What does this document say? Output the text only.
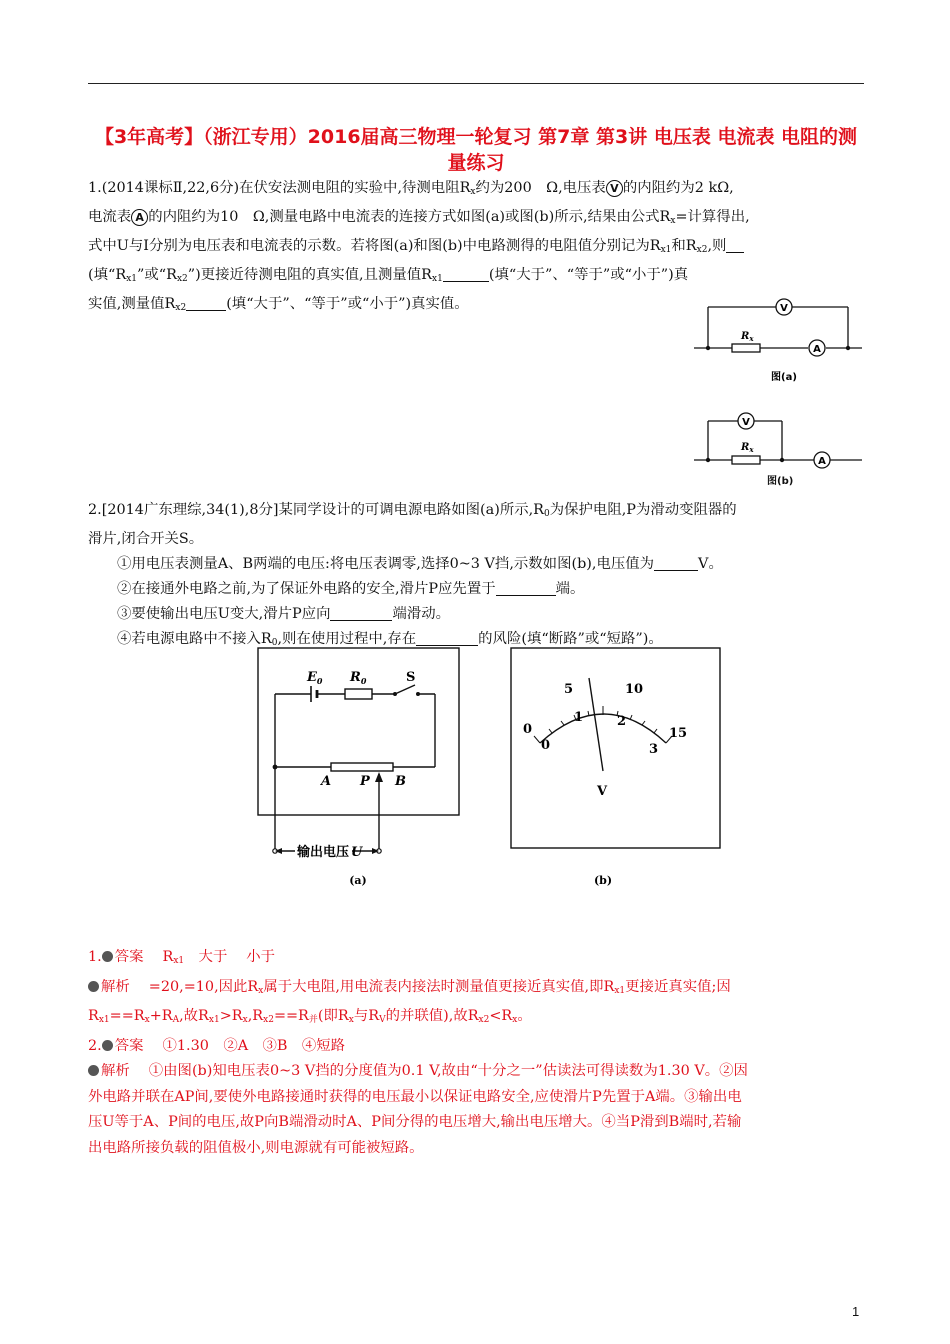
【3年高考】（浙江专用）2016届高三物理一轮复习 第7章 第3讲 电压表 电流表 电阻的测量练习

1.(2014课标Ⅱ,22,6分)在伏安法测电阻的实验中,待测电阻$R_x$约为200　Ω,电压表 V 的内阻约为2 kΩ,

电流表 A 的内阻约为10　Ω,测量电路中电流表的连接方式如图(a)或图(b)所示,结果由公式$R_x=$计算得出,

式中U与I分别为电压表和电流表的示数。若将图(a)和图(b)中电路测得的电阻值分别记为$R_{x1}$和$R_{x2}$,则

(填“$R_{x1}$”或“$R_{x2}$”)更接近待测电阻的真实值,且测量值$R_{x1}$	(填“大于”、“等于”或“小于”)真

实值,测量值$R_{x2}$	(填“大于”、“等于”或“小于”)真实值。	V
A
$R_x$
图(a)
V
A
$R_x$
图(b)

2.[2014广东理综,34(1),8分]某同学设计的可调电源电路如图(a)所示$,R_0$为保护电阻,P为滑动变阻器的

滑片,闭合开关S。

①用电压表测量A、B两端的电压:将电压表调零,选择0~3 V挡,示数如图(b),电压值为	V。

②在接通外电路之前,为了保证外电路的安全,滑片P应先置于	端。

③要使输出电压U变大,滑片P应向	端滑动。

④若电源电路中不接入$R_0$,则在使用过程中,存在	的风险(填“断路”或“短路”)。

$E_0$ $R_0$	S
A P B
输出电压 U
(a)
0
5	10
15
0
1	2
3
V
(b)

1. 答案　 $R_{x1}$　大于　 小于

解析　 =20,=10,因此$R_x$属于大电阻,用电流表内接法时测量值更接近真实值,即$R_{x1}$更接近真实值;因

$R_{x1}==R_x+R_A$,故$R_{x1}>R_x,R_{x2}==R_并$(即$R_x$与$R_V$的并联值),故$R_{x2}<R_x$。

2. 答案　 ①1.30　②A　③B　④短路

解析　 ①由图(b)知电压表0~3 V挡的分度值为0.1 V,故由“十分之一”估读法可得读数为1.30 V。②因

外电路并联在AP间,要使外电路接通时获得的电压最小以保证电路安全,应使滑片P先置于A端。③输出电

压U等于A、P间的电压,故P向B端滑动时A、P间分得的电压增大,输出电压增大。④当P滑到B端时,若输

出电路所接负载的阻值极小,则电源就有可能被短路。

1
